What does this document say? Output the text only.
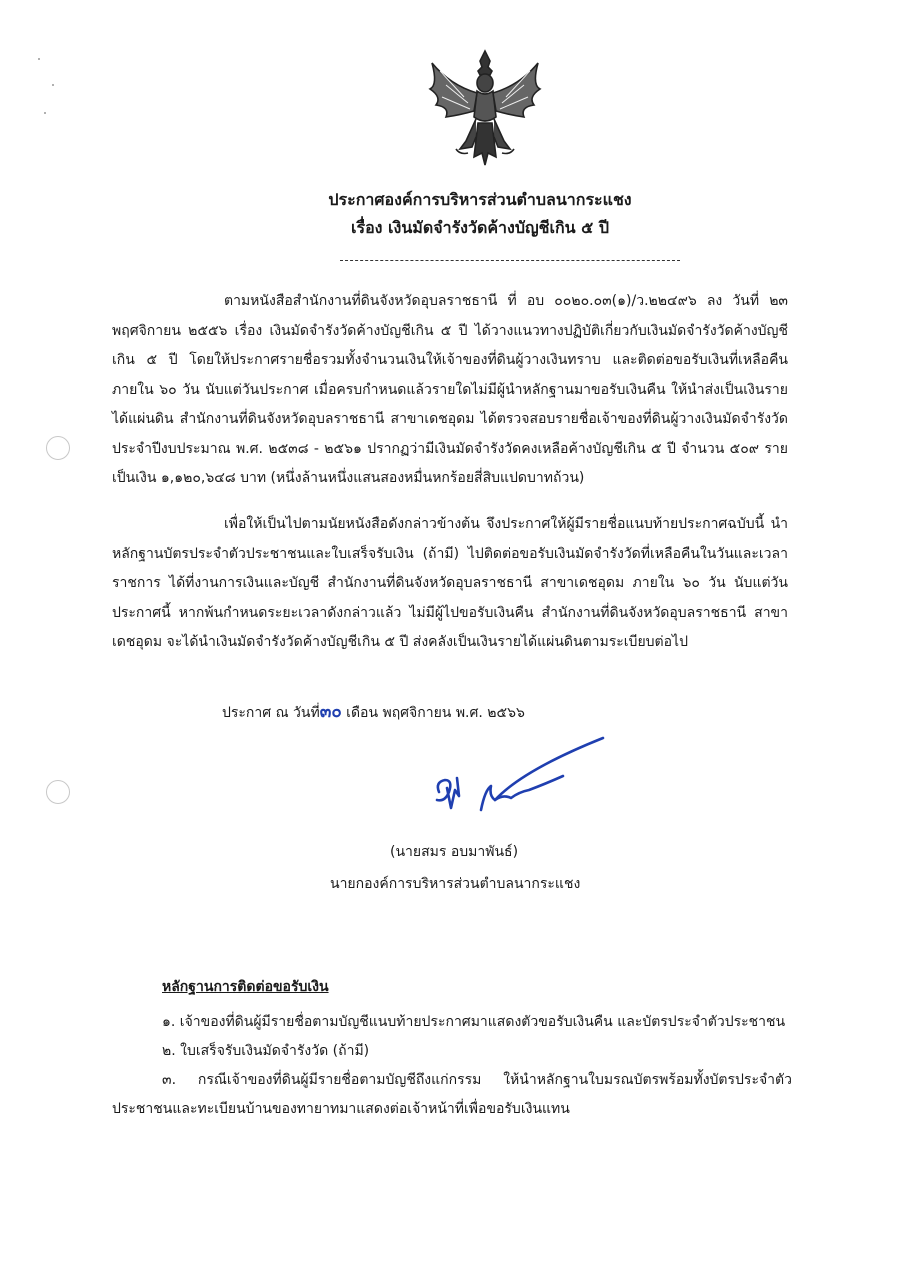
ประกาศองค์การบริหารส่วนตำบลนากระแชง

เรื่อง เงินมัดจำรังวัดค้างบัญชีเกิน ๕ ปี

ตามหนังสือสำนักงานที่ดินจังหวัดอุบลราชธานี ที่ อบ ๐๐๒๐.๐๓(๑)/ว.๒๒๔๙๖ ลง วันที่ ๒๓ พฤศจิกายน ๒๕๕๖ เรื่อง เงินมัดจำรังวัดค้างบัญชีเกิน ๕ ปี ได้วางแนวทางปฏิบัติเกี่ยวกับเงินมัดจำรังวัดค้างบัญชีเกิน ๕ ปี โดยให้ประกาศรายชื่อรวมทั้งจำนวนเงินให้เจ้าของที่ดินผู้วางเงินทราบ และติดต่อขอรับเงินที่เหลือคืนภายใน ๖๐ วัน นับแต่วันประกาศ เมื่อครบกำหนดแล้วรายใดไม่มีผู้นำหลักฐานมาขอรับเงินคืน ให้นำส่งเป็นเงินรายได้แผ่นดิน สำนักงานที่ดินจังหวัดอุบลราชธานี สาขาเดชอุดม ได้ตรวจสอบรายชื่อเจ้าของที่ดินผู้วางเงินมัดจำรังวัดประจำปีงบประมาณ พ.ศ. ๒๕๓๘ - ๒๕๖๑ ปรากฏว่ามีเงินมัดจำรังวัดคงเหลือค้างบัญชีเกิน ๕ ปี จำนวน ๕๐๙ ราย เป็นเงิน ๑,๑๒๐,๖๔๘ บาท (หนึ่งล้านหนึ่งแสนสองหมื่นหกร้อยสี่สิบแปดบาทถ้วน)

เพื่อให้เป็นไปตามนัยหนังสือดังกล่าวข้างต้น จึงประกาศให้ผู้มีรายชื่อแนบท้ายประกาศฉบับนี้ นำหลักฐานบัตรประจำตัวประชาชนและใบเสร็จรับเงิน (ถ้ามี) ไปติดต่อขอรับเงินมัดจำรังวัดที่เหลือคืนในวันและเวลาราชการ ได้ที่งานการเงินและบัญชี สำนักงานที่ดินจังหวัดอุบลราชธานี สาขาเดชอุดม ภายใน ๖๐ วัน นับแต่วันประกาศนี้ หากพ้นกำหนดระยะเวลาดังกล่าวแล้ว ไม่มีผู้ไปขอรับเงินคืน สำนักงานที่ดินจังหวัดอุบลราชธานี สาขาเดชอุดม จะได้นำเงินมัดจำรังวัดค้างบัญชีเกิน ๕ ปี ส่งคลังเป็นเงินรายได้แผ่นดินตามระเบียบต่อไป

ประกาศ ณ วันที่๓๐ เดือน พฤศจิกายน พ.ศ. ๒๕๖๖
(นายสมร อบมาพันธ์)
นายกองค์การบริหารส่วนตำบลนากระแชง
หลักฐานการติดต่อขอรับเงิน
๑. เจ้าของที่ดินผู้มีรายชื่อตามบัญชีแนบท้ายประกาศมาแสดงตัวขอรับเงินคืน และบัตรประจำตัวประชาชน
๒. ใบเสร็จรับเงินมัดจำรังวัด (ถ้ามี)
๓. กรณีเจ้าของที่ดินผู้มีรายชื่อตามบัญชีถึงแก่กรรม ให้นำหลักฐานใบมรณบัตรพร้อมทั้งบัตรประจำตัวประชาชนและทะเบียนบ้านของทายาทมาแสดงต่อเจ้าหน้าที่เพื่อขอรับเงินแทน
